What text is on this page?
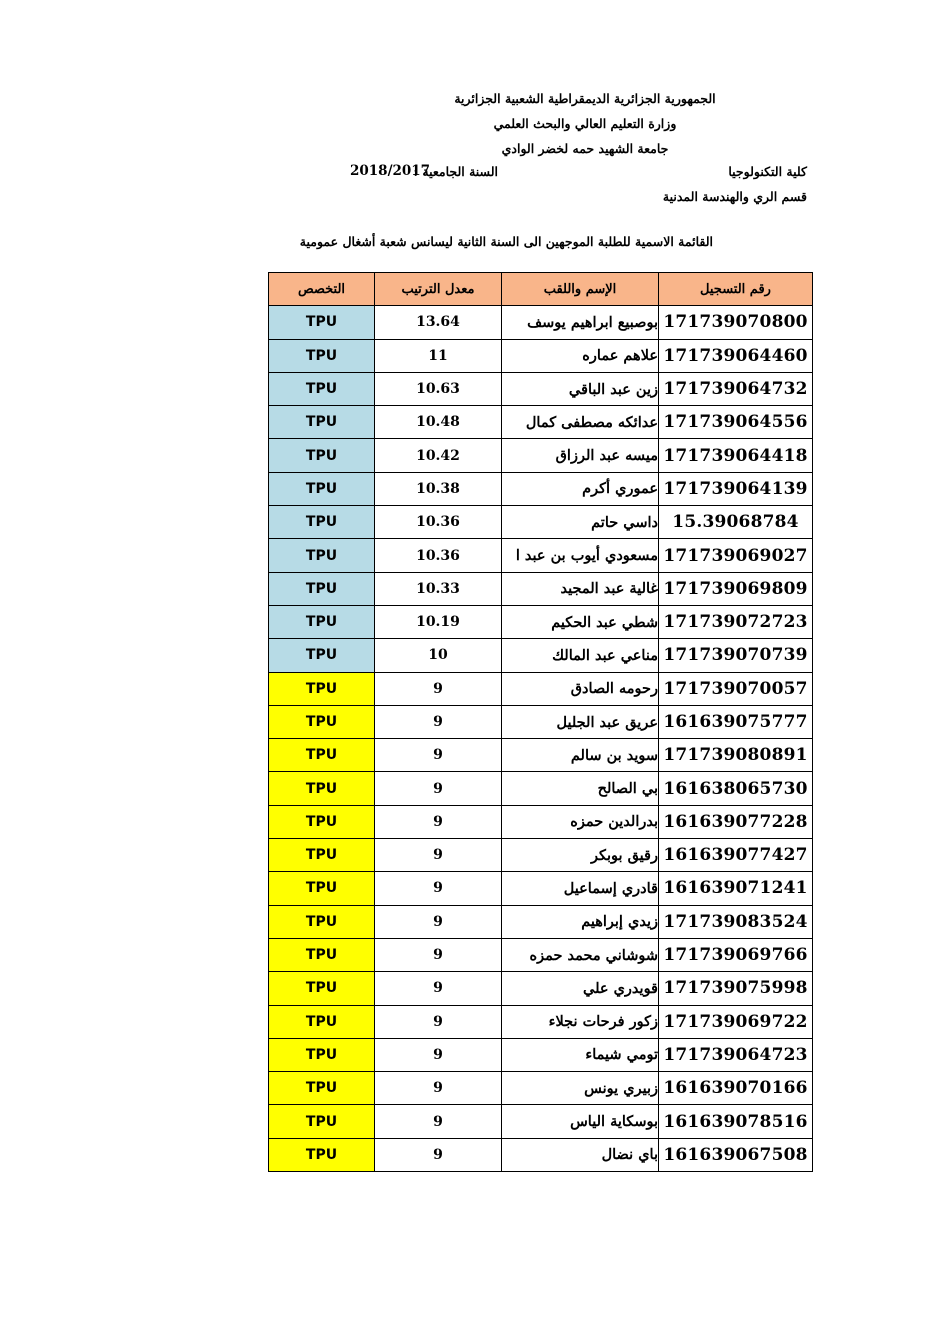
الجمهورية الجزائرية الديمقراطية الشعبية الجزائرية
وزارة التعليم العالي والبحث العلمي
جامعة الشهيد حمه لخضر الوادي
كلية التكنولوجيا
السنة الجامعية :
2018/2017
قسم الري والهندسة المدنية
القائمة الاسمية للطلبة الموجهين الى السنة الثانية ليسانس شعبة أشغال عمومية
رقم التسجيل	الإسم واللقب	معدل الترتيب	التخصص
171739070800	بوصبيع ابراهيم يوسف	13.64	TPU
171739064460	علاهم عماره	11	TPU
171739064732	زين عبد الباقي	10.63	TPU
171739064556	عدائكه مصطفى كمال	10.48	TPU
171739064418	ميسه عبد الرزاق	10.42	TPU
171739064139	عموري أكرم	10.38	TPU
15.39068784	داسي حاتم	10.36	TPU
171739069027	مسعودي أيوب بن عبد ا	10.36	TPU
171739069809	غالية عبد المجيد	10.33	TPU
171739072723	شطي عبد الحكيم	10.19	TPU
171739070739	مناعي عبد المالك	10	TPU
171739070057	رحومه الصادق	9	TPU
161639075777	عريق عبد الجليل	9	TPU
171739080891	سويد بن سالم	9	TPU
161638065730	بي الصالح	9	TPU
161639077228	بدرالدين حمزه	9	TPU
161639077427	رقيق بوبكر	9	TPU
161639071241	قادري إسماعيل	9	TPU
171739083524	زيدي إبراهيم	9	TPU
171739069766	شوشاني محمد حمزه	9	TPU
171739075998	قويدري علي	9	TPU
171739069722	زكور فرحات نجلاء	9	TPU
171739064723	تومي شيماء	9	TPU
161639070166	زبيري يونس	9	TPU
161639078516	بوسكاية الياس	9	TPU
161639067508	باي نضال	9	TPU
